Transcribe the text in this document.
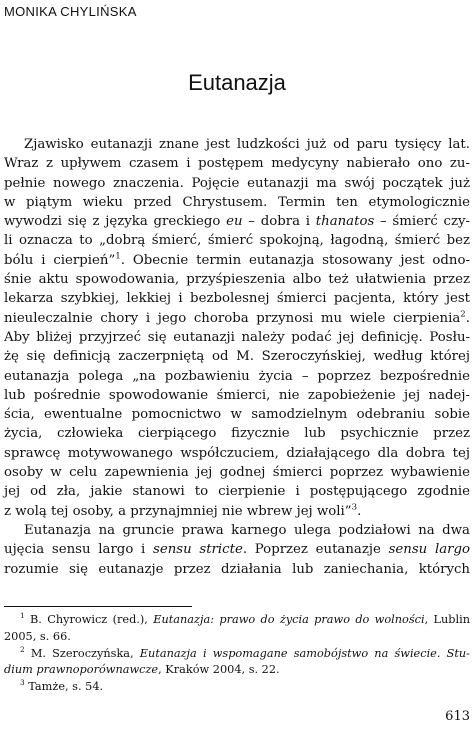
MONIKA CHYLIŃSKA
Eutanazja
Zjawisko eutanazji znane jest ludzkości już od paru tysięcy lat.
Wraz z upływem czasem i postępem medycyny nabierało ono zu-
pełnie nowego znaczenia. Pojęcie eutanazji ma swój początek już
w piątym wieku przed Chrystusem. Termin ten etymologicznie
wywodzi się z języka greckiego eu – dobra i thanatos – śmierć czy-
li oznacza to „dobrą śmierć, śmierć spokojną, łagodną, śmierć bez
bólu i cierpień”$^1$. Obecnie termin eutanazja stosowany jest odno-
śnie aktu spowodowania, przyśpieszenia albo też ułatwienia przez
lekarza szybkiej, lekkiej i bezbolesnej śmierci pacjenta, który jest
nieuleczalnie chory i jego choroba przynosi mu wiele cierpienia$^2$.
Aby bliżej przyjrzeć się eutanazji należy podać jej definicję. Posłu-
żę się definicją zaczerpniętą od M. Szeroczyńskiej, według której
eutanazja polega „na pozbawieniu życia – poprzez bezpośrednie
lub pośrednie spowodowanie śmierci, nie zapobieżenie jej nadej-
ścia, ewentualne pomocnictwo w samodzielnym odebraniu sobie
życia, człowieka cierpiącego fizycznie lub psychicznie przez
sprawcę motywowanego współczuciem, działającego dla dobra tej
osoby w celu zapewnienia jej godnej śmierci poprzez wybawienie
jej od zła, jakie stanowi to cierpienie i postępującego zgodnie
z wolą tej osoby, a przynajmniej nie wbrew jej woli”$^3$.
Eutanazja na gruncie prawa karnego ulega podziałowi na dwa
ujęcia sensu largo i sensu stricte. Poprzez eutanazje sensu largo
rozumie się eutanazje przez działania lub zaniechania, których
$^1$ B. Chyrowicz (red.), Eutanazja: prawo do życia prawo do wolności, Lublin
2005, s. 66.
$^2$ M. Szeroczyńska, Eutanazja i wspomagane samobójstwo na świecie. Stu-
dium prawnoporównawcze, Kraków 2004, s. 22.
$^3$ Tamże, s. 54.
613
